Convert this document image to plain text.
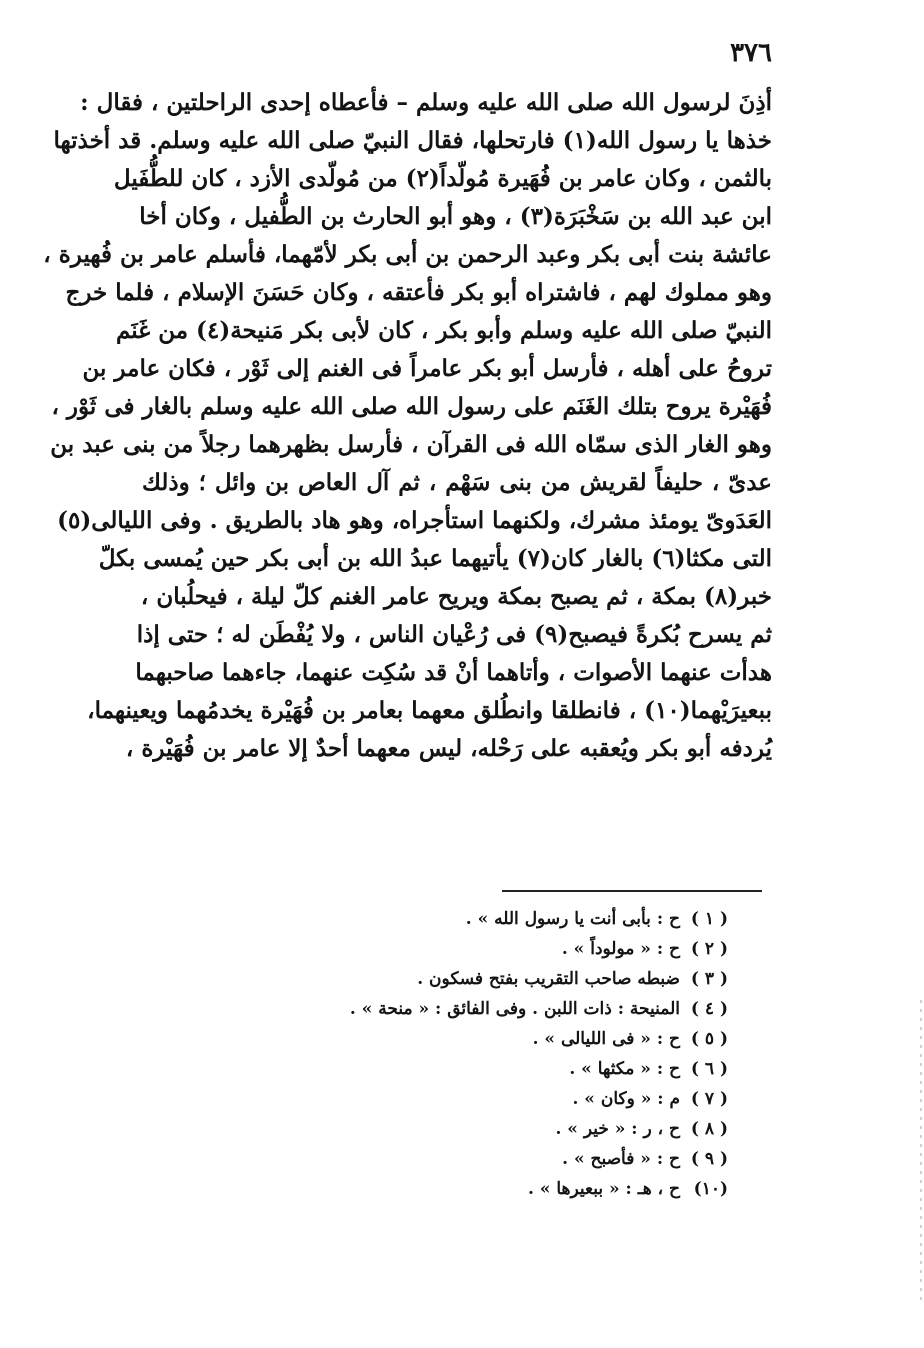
٣٧٦
أذِنَ لرسول الله صلى الله عليه وسلم – فأعطاه إحدى الراحلتين ، فقال :
خذها يا رسول الله(١) فارتحلها، فقال النبيّ صلى الله عليه وسلم. قد أخذتها
بالثمن ، وكان عامر بن فُهَيرة مُولّداً(٢) من مُولّدى الأزد ، كان للطُّفَيل
ابن عبد الله بن سَخْبَرَة(٣) ، وهو أبو الحارث بن الطُّفيل ، وكان أخا
عائشة بنت أبى بكر وعبد الرحمن بن أبى بكر لأمّهما، فأسلم عامر بن فُهيرة ،
وهو مملوك لهم ، فاشتراه أبو بكر فأعتقه ، وكان حَسَنَ الإسلام ، فلما خرج
النبيّ صلى الله عليه وسلم وأبو بكر ، كان لأبى بكر مَنيحة(٤) من غَنَم
تروحُ على أهله ، فأرسل أبو بكر عامراً فى الغنم إلى ثَوْر ، فكان عامر بن
فُهَيْرة يروح بتلك الغَنَم على رسول الله صلى الله عليه وسلم بالغار فى ثَوْر ،
وهو الغار الذى سمّاه الله فى القرآن ، فأرسل بظهرهما رجلاً من بنى عبد بن
عدىّ ، حليفاً لقريش من بنى سَهْم ، ثم آل العاص بن وائل ؛ وذلك
العَدَوىّ يومئذ مشرك، ولكنهما استأجراه، وهو هاد بالطريق . وفى الليالى(٥)
التى مكثا(٦) بالغار كان(٧) يأتيهما عبدُ الله بن أبى بكر حين يُمسى بكلّ
خبر(٨) بمكة ، ثم يصبح بمكة ويريح عامر الغنم كلّ ليلة ، فيحلُبان ،
ثم يسرح بُكرةً فيصبح(٩) فى رُعْيان الناس ، ولا يُفْطَن له ؛ حتى إذا
هدأت عنهما الأصوات ، وأتاهما أنْ قد سُكِت عنهما، جاءهما صاحبهما
ببعيرَيْهما(١٠) ، فانطلقا وانطُلق معهما بعامر بن فُهَيْرة يخدمُهما ويعينهما،
يُردفه أبو بكر ويُعقبه على رَحْله، ليس معهما أحدٌ إلا عامر بن فُهَيْرة ،
( ١ )ح : بأبى أنت يا رسول الله » .
( ٢ )ح : « مولوداً » .
( ٣ )ضبطه صاحب التقريب بفتح فسكون .
( ٤ )المنيحة : ذات اللبن . وفى الفائق : « منحة » .
( ٥ )ح : « فى الليالى » .
( ٦ )ح : « مكثها » .
( ٧ )م : « وكان » .
( ٨ )ح ، ر : « خير » .
( ٩ )ح : « فأصبح » .
(١٠)ح ، هـ : « ببعيرها » .
